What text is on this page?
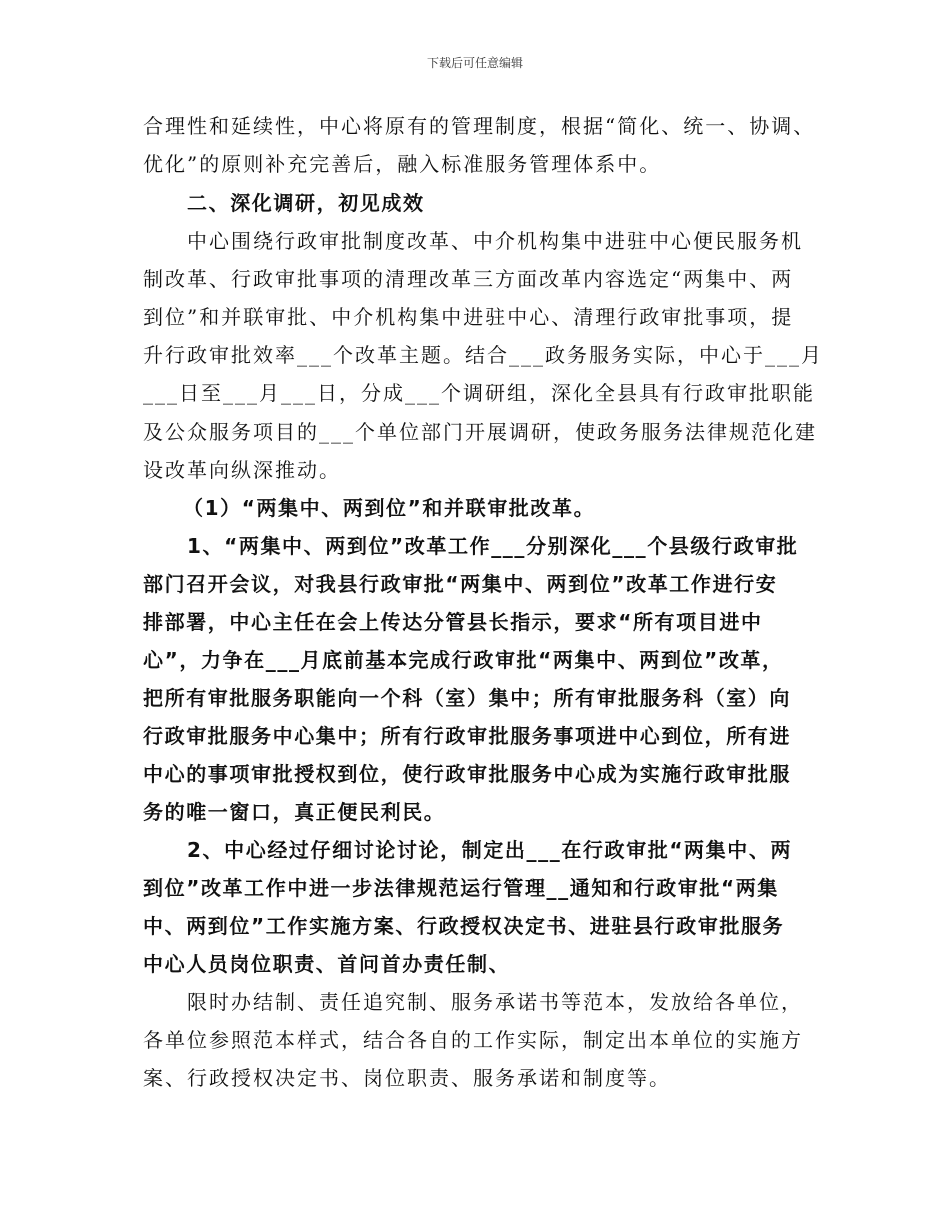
下载后可任意编辑
合理性和延续性，中心将原有的管理制度，根据“简化、统一、协调、
优化”的原则补充完善后，融入标准服务管理体系中。
二、深化调研，初见成效
中心围绕行政审批制度改革、中介机构集中进驻中心便民服务机
制改革、行政审批事项的清理改革三方面改革内容选定“两集中、两
到位”和并联审批、中介机构集中进驻中心、清理行政审批事项，提
升行政审批效率___个改革主题。结合___政务服务实际，中心于___月
___日至___月___日，分成___个调研组，深化全县具有行政审批职能
及公众服务项目的___个单位部门开展调研，使政务服务法律规范化建
设改革向纵深推动。
（1）“两集中、两到位”和并联审批改革。
1、“两集中、两到位”改革工作___分别深化___个县级行政审批
部门召开会议，对我县行政审批“两集中、两到位”改革工作进行安
排部署，中心主任在会上传达分管县长指示，要求“所有项目进中
心”，力争在___月底前基本完成行政审批“两集中、两到位”改革，
把所有审批服务职能向一个科（室）集中；所有审批服务科（室）向
行政审批服务中心集中；所有行政审批服务事项进中心到位，所有进
中心的事项审批授权到位，使行政审批服务中心成为实施行政审批服
务的唯一窗口，真正便民利民。
2、中心经过仔细讨论讨论，制定出___在行政审批“两集中、两
到位”改革工作中进一步法律规范运行管理__通知和行政审批“两集
中、两到位”工作实施方案、行政授权决定书、进驻县行政审批服务
中心人员岗位职责、首问首办责任制、
限时办结制、责任追究制、服务承诺书等范本，发放给各单位，
各单位参照范本样式，结合各自的工作实际，制定出本单位的实施方
案、行政授权决定书、岗位职责、服务承诺和制度等。
